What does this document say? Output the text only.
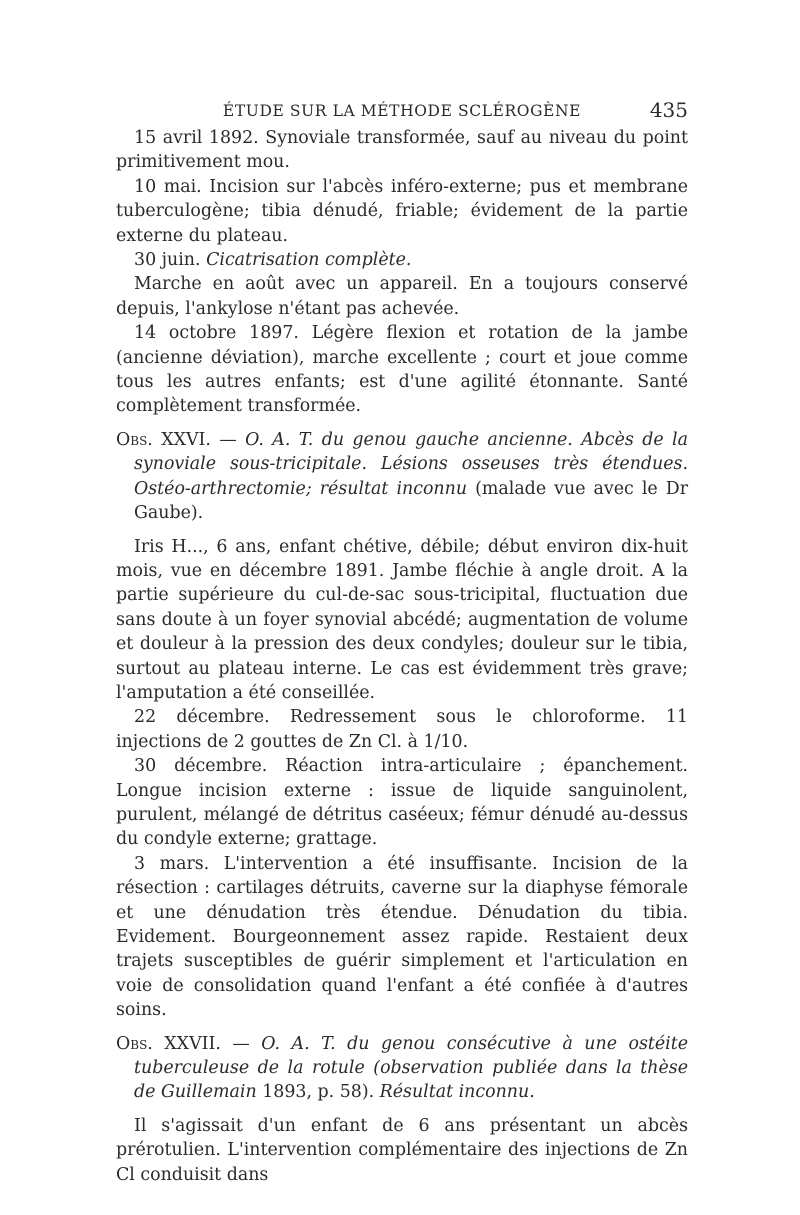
ÉTUDE SUR LA MÉTHODE SCLÉROGÈNE	435

15 avril 1892. Synoviale transformée, sauf au niveau du point primitivement mou.

10 mai. Incision sur l'abcès inféro-externe; pus et membrane tuberculogène; tibia dénudé, friable; évidement de la partie externe du plateau.

30 juin. Cicatrisation complète.

Marche en août avec un appareil. En a toujours conservé depuis, l'ankylose n'étant pas achevée.

14 octobre 1897. Légère flexion et rotation de la jambe (ancienne déviation), marche excellente ; court et joue comme tous les autres enfants; est d'une agilité étonnante. Santé complètement transformée.

Obs. XXVI. — O. A. T. du genou gauche ancienne. Abcès de la synoviale sous-tricipitale. Lésions osseuses très étendues. Ostéo-arthrectomie; résultat inconnu (malade vue avec le Dr Gaube).

Iris H..., 6 ans, enfant chétive, débile; début environ dix-huit mois, vue en décembre 1891. Jambe fléchie à angle droit. A la partie supérieure du cul-de-sac sous-tricipital, fluctuation due sans doute à un foyer synovial abcédé; augmentation de volume et douleur à la pression des deux condyles; douleur sur le tibia, surtout au plateau interne. Le cas est évidemment très grave; l'amputation a été conseillée.

22 décembre. Redressement sous le chloroforme. 11 injections de 2 gouttes de Zn Cl. à 1/10.

30 décembre. Réaction intra-articulaire ; épanchement. Longue incision externe : issue de liquide sanguinolent, purulent, mélangé de détritus caséeux; fémur dénudé au-dessus du condyle externe; grattage.

3 mars. L'intervention a été insuffisante. Incision de la résection : cartilages détruits, caverne sur la diaphyse fémorale et une dénudation très étendue. Dénudation du tibia. Evidement. Bourgeonnement assez rapide. Restaient deux trajets susceptibles de guérir simplement et l'articulation en voie de consolidation quand l'enfant a été confiée à d'autres soins.

Obs. XXVII. — O. A. T. du genou consécutive à une ostéite tuberculeuse de la rotule (observation publiée dans la thèse de Guillemain 1893, p. 58). Résultat inconnu.

Il s'agissait d'un enfant de 6 ans présentant un abcès prérotulien. L'intervention complémentaire des injections de Zn Cl conduisit dans
